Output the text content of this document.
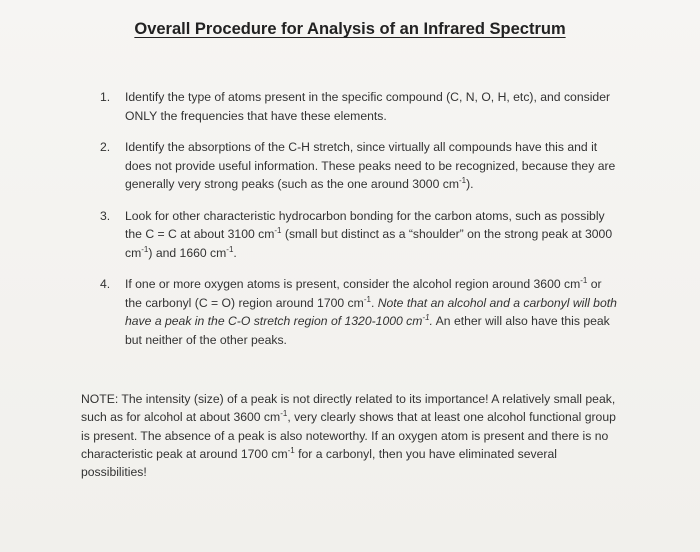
Overall Procedure for Analysis of an Infrared Spectrum
1. Identify the type of atoms present in the specific compound (C, N, O, H, etc), and consider ONLY the frequencies that have these elements.
2. Identify the absorptions of the C-H stretch, since virtually all compounds have this and it does not provide useful information. These peaks need to be recognized, because they are generally very strong peaks (such as the one around 3000 $cm^{-1}$).
3. Look for other characteristic hydrocarbon bonding for the carbon atoms, such as possibly the C = C at about 3100 $cm^{-1}$ (small but distinct as a “shoulder” on the strong peak at 3000 $cm^{-1}$) and 1660 $cm^{-1}$.
4. If one or more oxygen atoms is present, consider the alcohol region around 3600 $cm^{-1}$ or the carbonyl (C = O) region around 1700 $cm^{-1}$. Note that an alcohol and a carbonyl will both have a peak in the C-O stretch region of 1320-1000 $cm^{-1}$. An ether will also have this peak but neither of the other peaks.

NOTE: The intensity (size) of a peak is not directly related to its importance! A relatively small peak, such as for alcohol at about 3600 $cm^{-1}$, very clearly shows that at least one alcohol functional group is present. The absence of a peak is also noteworthy. If an oxygen atom is present and there is no characteristic peak at around 1700 $cm^{-1}$ for a carbonyl, then you have eliminated several possibilities!
